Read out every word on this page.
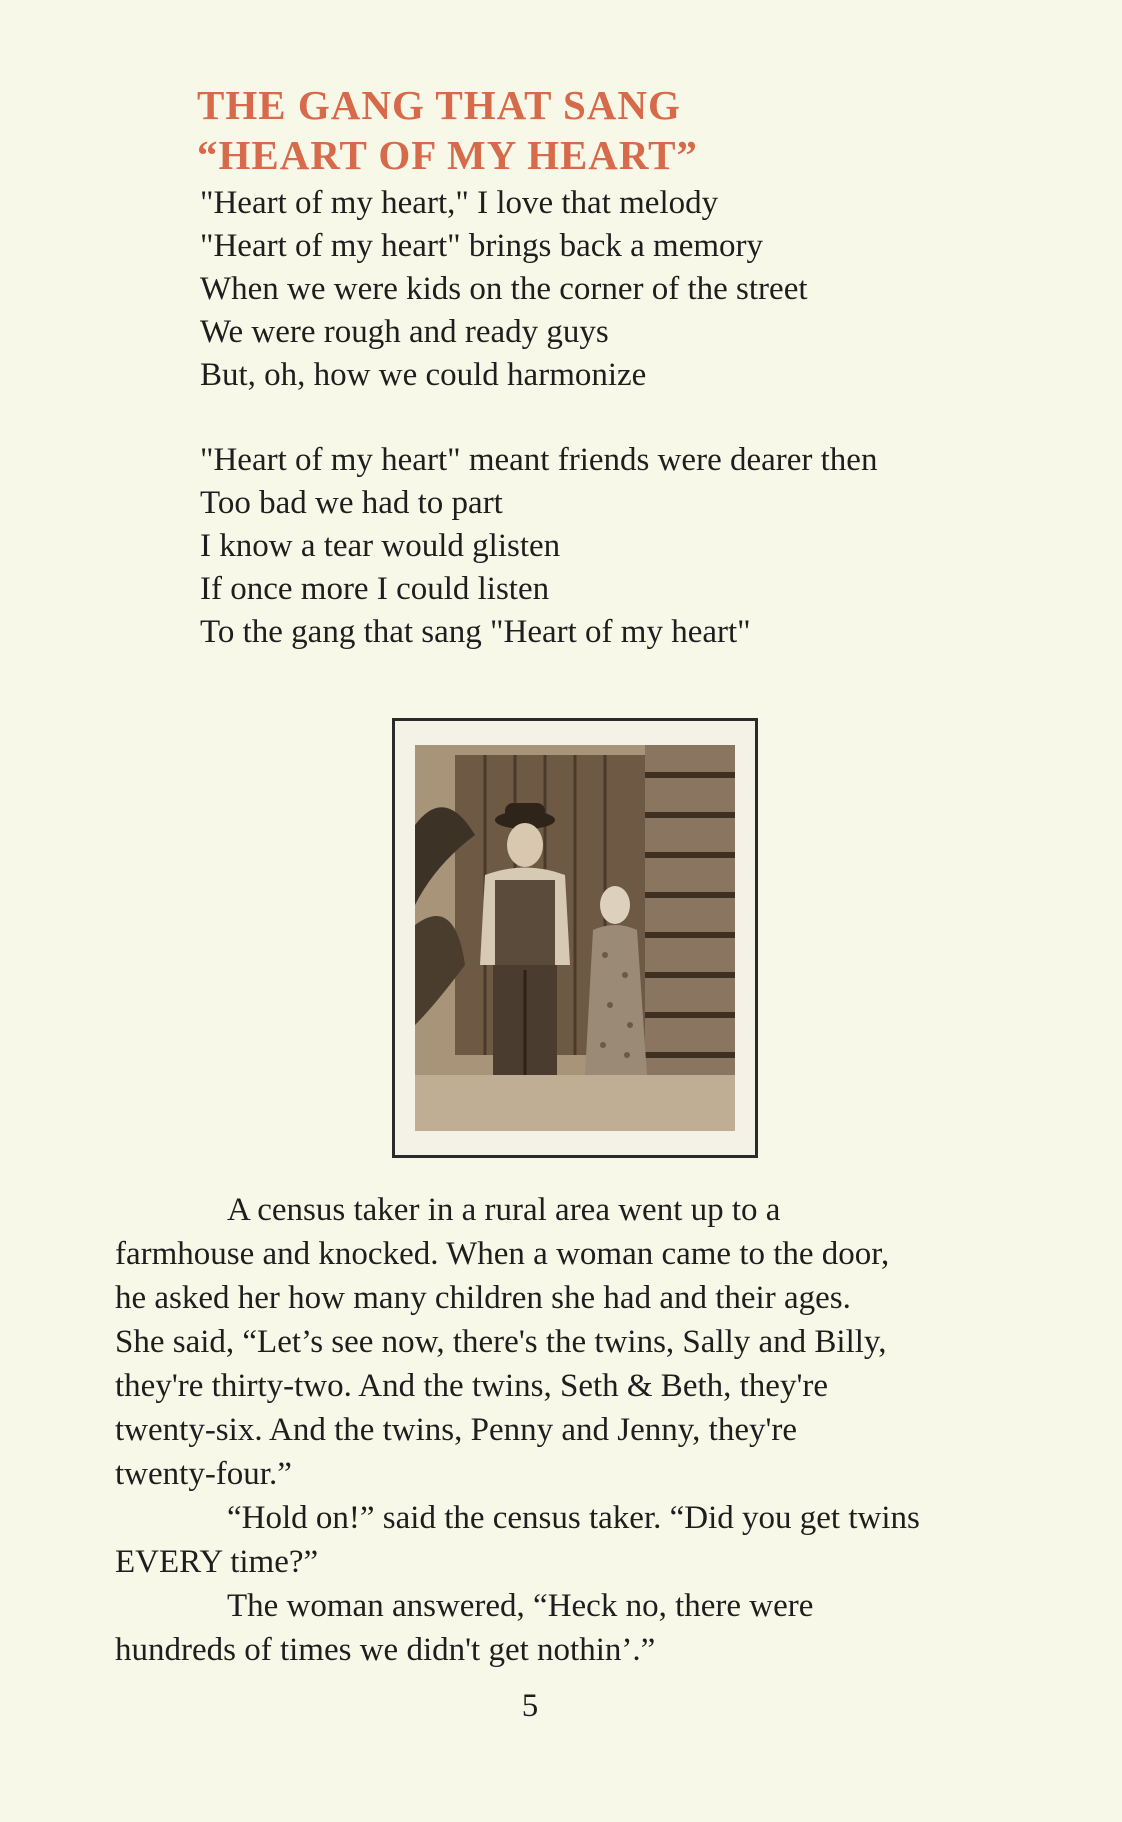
THE GANG THAT SANG
“HEART OF MY HEART”
"Heart of my heart," I love that melody
"Heart of my heart" brings back a memory
When we were kids on the corner of the street
We were rough and ready guys
But, oh, how we could harmonize
"Heart of my heart" meant friends were dearer then
Too bad we had to part
I know a tear would glisten
If once more I could listen
To the gang that sang "Heart of my heart"

A census taker in a rural area went up to a
farmhouse and knocked. When a woman came to the door,
he asked her how many children she had and their ages.
She said, “Let’s see now, there's the twins, Sally and Billy,
they're thirty-two. And the twins, Seth & Beth, they're
twenty-six. And the twins, Penny and Jenny, they're
twenty-four.”

“Hold on!” said the census taker. “Did you get twins
EVERY time?”

The woman answered, “Heck no, there were
hundreds of times we didn't get nothin’.”

5
